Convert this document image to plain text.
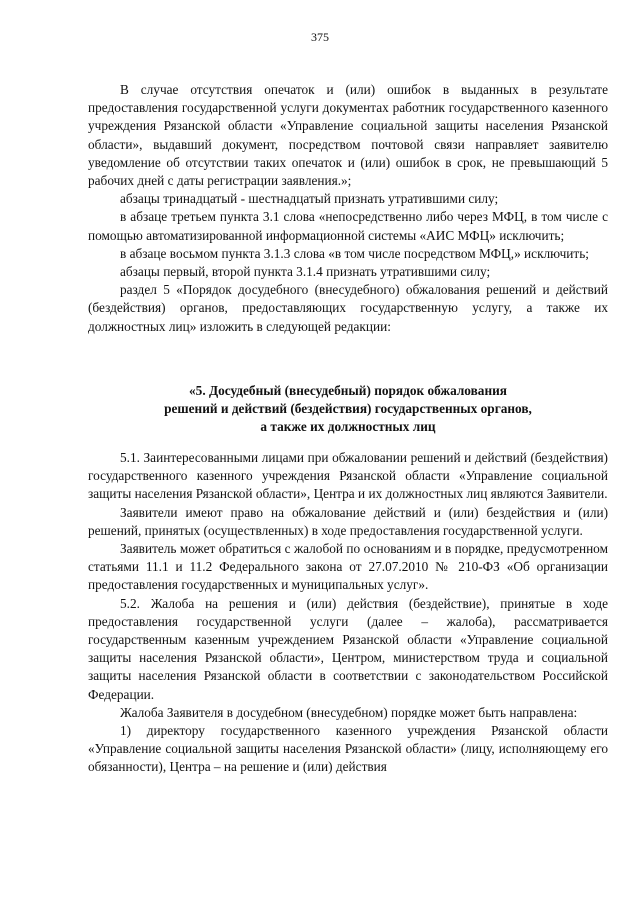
375

В случае отсутствия опечаток и (или) ошибок в выданных в результате предоставления государственной услуги документах работник государственного казенного учреждения Рязанской области «Управление социальной защиты населения Рязанской области», выдавший документ, посредством почтовой связи направляет заявителю уведомление об отсутствии таких опечаток и (или) ошибок в срок, не превышающий 5 рабочих дней с даты регистрации заявления.»;

абзацы тринадцатый - шестнадцатый признать утратившими силу;

в абзаце третьем пункта 3.1 слова «непосредственно либо через МФЦ, в том числе с помощью автоматизированной информационной системы «АИС МФЦ» исключить;

в абзаце восьмом пункта 3.1.3 слова «в том числе посредством МФЦ,» исключить;

абзацы первый, второй пункта 3.1.4 признать утратившими силу;

раздел 5 «Порядок досудебного (внесудебного) обжалования решений и действий (бездействия) органов, предоставляющих государственную услугу, а также их должностных лиц» изложить в следующей редакции:

«5. Досудебный (внесудебный) порядок обжалования

решений и действий (бездействия) государственных органов,

а также их должностных лиц

5.1. Заинтересованными лицами при обжаловании решений и действий (бездействия) государственного казенного учреждения Рязанской области «Управление социальной защиты населения Рязанской области», Центра и их должностных лиц являются Заявители.

Заявители имеют право на обжалование действий и (или) бездействия и (или) решений, принятых (осуществленных) в ходе предоставления государственной услуги.

Заявитель может обратиться с жалобой по основаниям и в порядке, предусмотренном статьями 11.1 и 11.2 Федерального закона от 27.07.2010 № 210-ФЗ «Об организации предоставления государственных и муниципальных услуг».

5.2. Жалоба на решения и (или) действия (бездействие), принятые в ходе предоставления государственной услуги (далее – жалоба), рассматривается государственным казенным учреждением Рязанской области «Управление социальной защиты населения Рязанской области», Центром, министерством труда и социальной защиты населения Рязанской области в соответствии с законодательством Российской Федерации.

Жалоба Заявителя в досудебном (внесудебном) порядке может быть направлена:

1) директору государственного казенного учреждения Рязанской области «Управление социальной защиты населения Рязанской области» (лицу, исполняющему его обязанности), Центра – на решение и (или) действия
